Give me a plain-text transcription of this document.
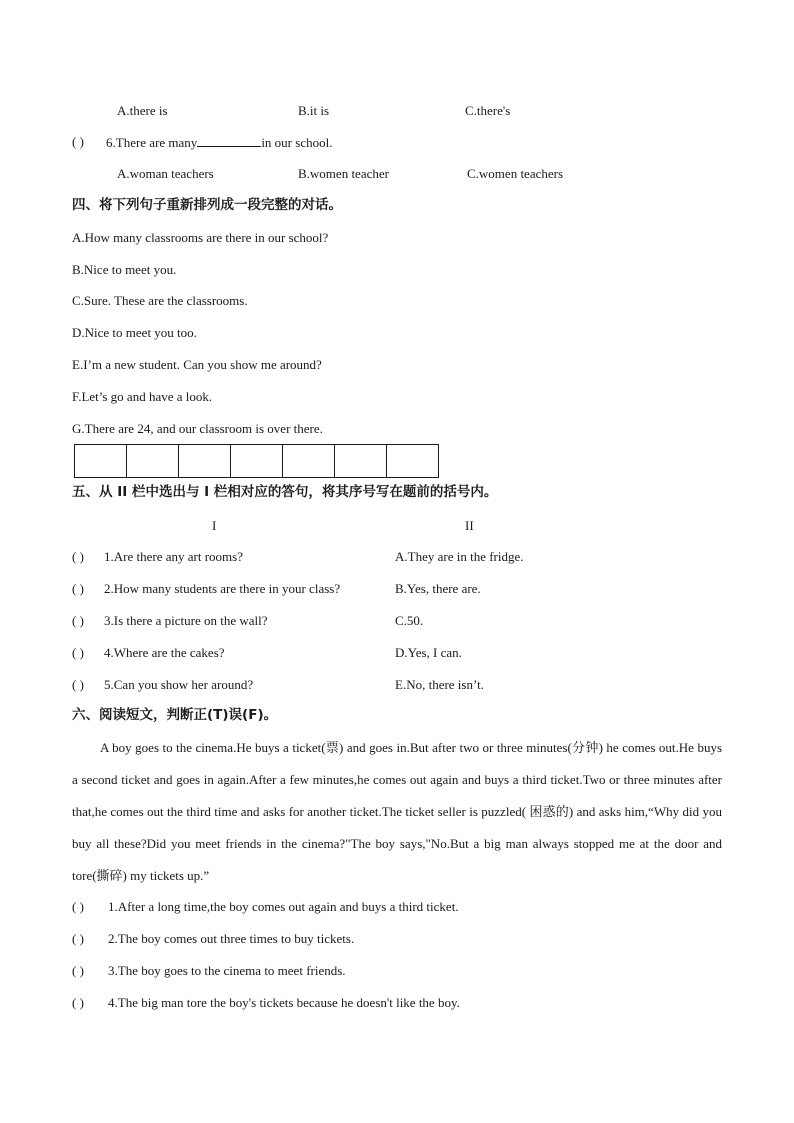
A.there is	B.it is	C.there's
( ) 6.There are many	in our school.
A.woman teachers	B.women teacher	C.women teachers
四、将下列句子重新排列成一段完整的对话。
A.How many classrooms are there in our school?
B.Nice to meet you.
C.Sure. These are the classrooms.
D.Nice to meet you too.
E.I’m a new student. Can you show me around?
F.Let’s go and have a look.
G.There are 24, and our classroom is over there.
五、从 II 栏中选出与 I 栏相对应的答句，将其序号写在题前的括号内。
I	II
( ) 1.Are there any art rooms?	A.They are in the fridge.
( ) 2.How many students are there in your class?	B.Yes, there are.
( ) 3.Is there a picture on the wall?	C.50.
( ) 4.Where are the cakes?	D.Yes, I can.
( ) 5.Can you show her around?	E.No, there isn’t.
六、阅读短文，判断正(T)误(F)。
A boy goes to the cinema.He buys a ticket(票) and goes in.But after two or three minutes(分钟) he comes out.He buys a second ticket and goes in again.After a few minutes,he comes out again and buys a third ticket.Two or three minutes after that,he comes out the third time and asks for another ticket.The ticket seller is puzzled( 困惑的) and asks him,“Why did you buy all these?Did you meet friends in the cinema?"The boy says,"No.But a big man always stopped me at the door and tore(撕碎) my tickets up.”
( ) 1.After a long time,the boy comes out again and buys a third ticket.
( ) 2.The boy comes out three times to buy tickets.
( ) 3.The boy goes to the cinema to meet friends.
( ) 4.The big man tore the boy's tickets because he doesn't like the boy.
